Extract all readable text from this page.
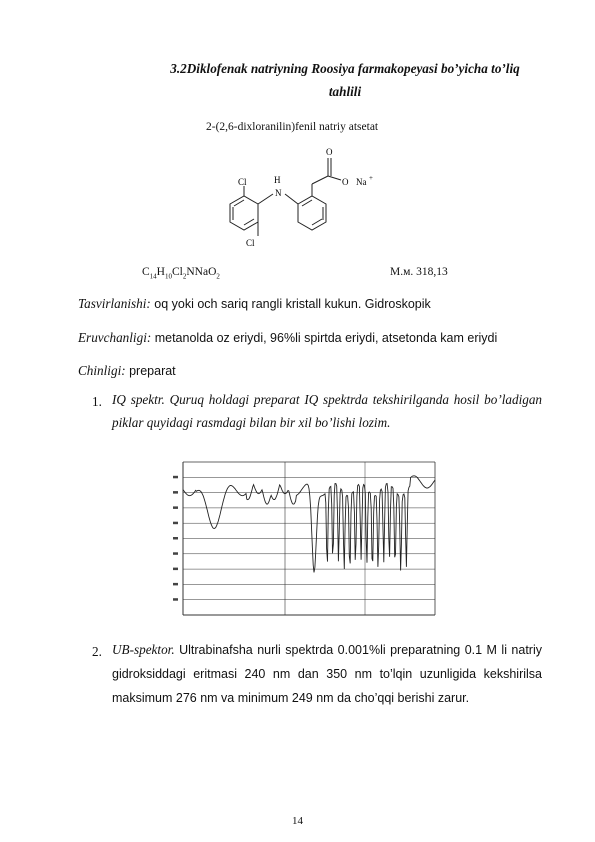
3.2Diklofenak natriyning Roosiya farmakopeyasi bo’yicha to’liq
tahlili
2-(2,6-dixloranilin)fenil natriy atsetat
O
O Na +
Cl
Cl
H
N
$C_{14}H_{10}Cl_2NNaO_2$	M.м. 318,13
Tasvirlanishi: oq yoki och sariq rangli kristall kukun. Gidroskopik
Eruvchanligi: metanolda oz eriydi, 96%li spirtda eriydi, atsetonda kam eriydi
Chinligi: preparat
1. IQ spektr. Quruq holdagi preparat IQ spektrda tekshirilganda hosil bo’ladigan piklar quyidagi rasmdagi bilan bir xil bo’lishi lozim.
2. UB-spektor. Ultrabinafsha nurli spektrda 0.001%li preparatning 0.1 M li natriy gidroksiddagi eritmasi 240 nm dan 350 nm to’lqin uzunligida kekshirilsa maksimum 276 nm va minimum 249 nm da cho’qqi berishi zarur.
14
